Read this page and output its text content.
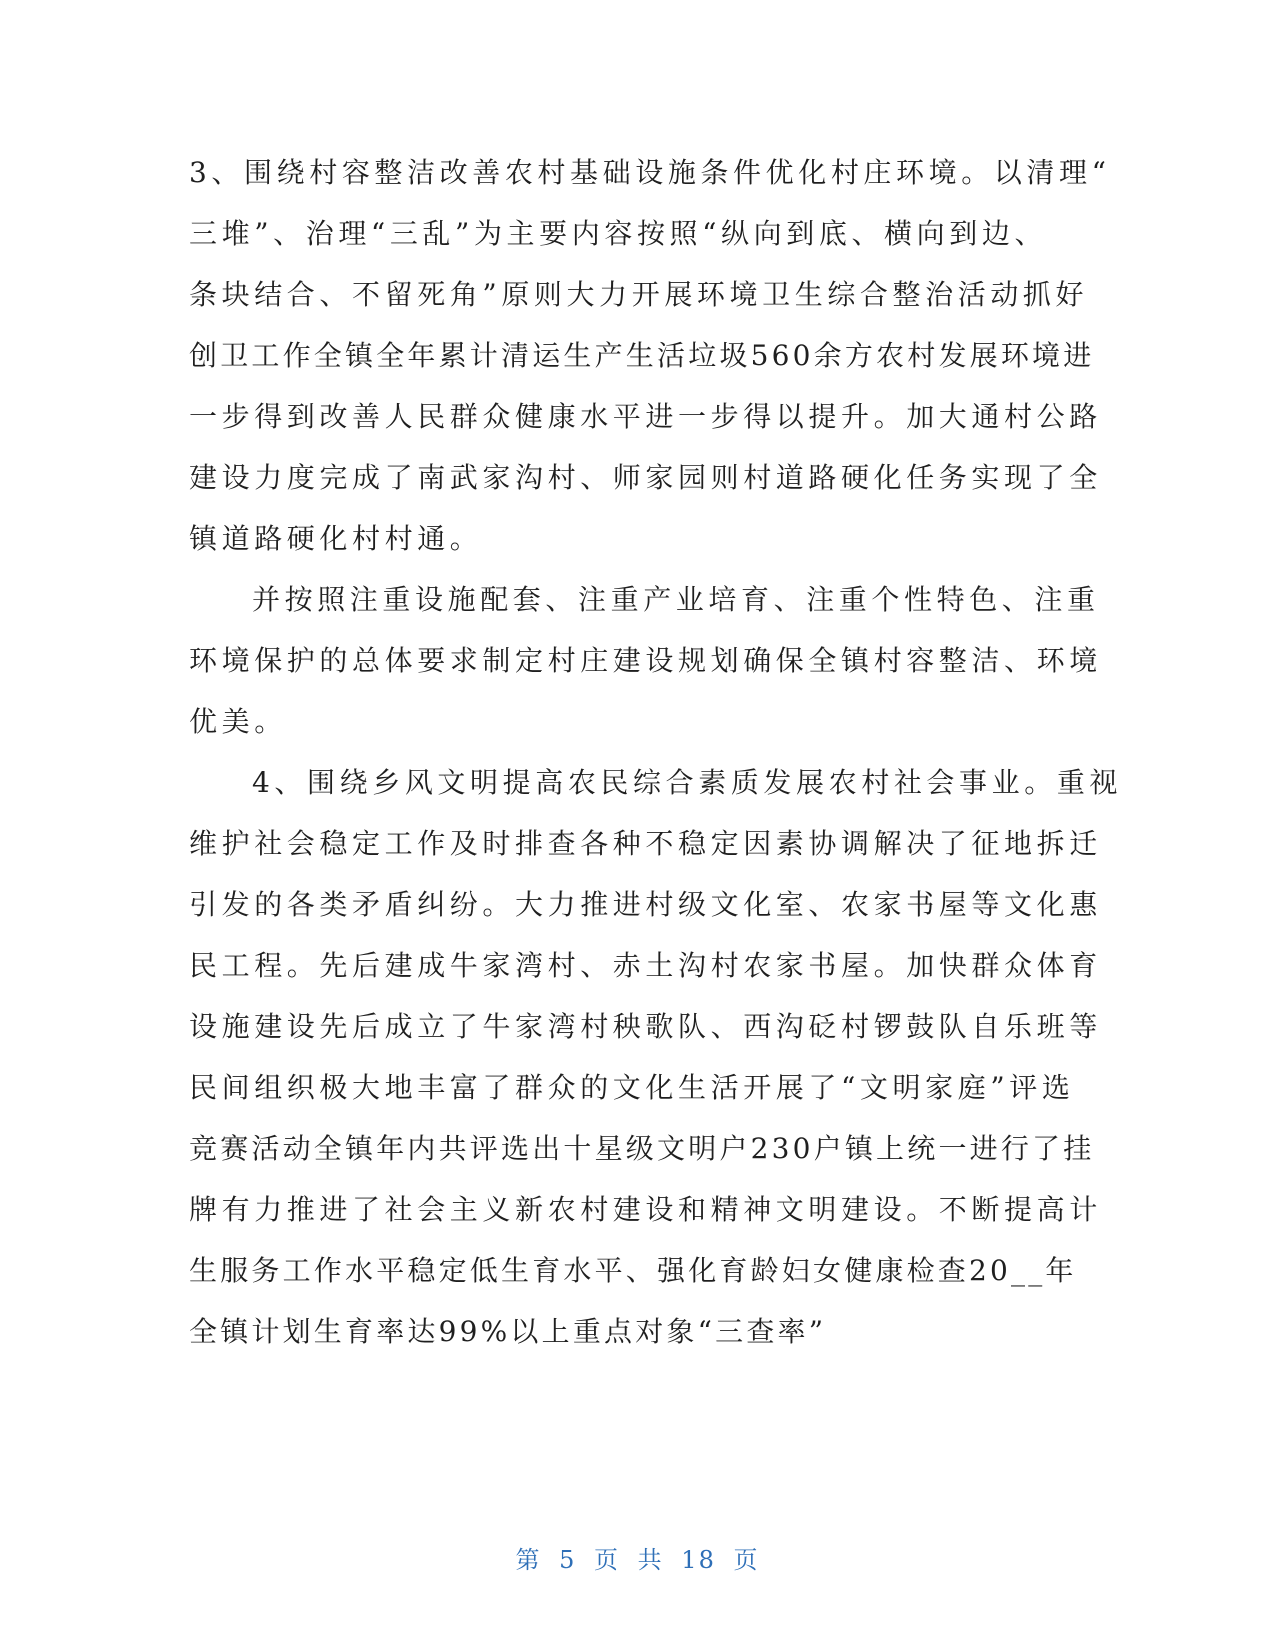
3、围绕村容整洁改善农村基础设施条件优化村庄环境。以清理“
三堆”、治理“三乱”为主要内容按照“纵向到底、横向到边、
条块结合、不留死角”原则大力开展环境卫生综合整治活动抓好
创卫工作全镇全年累计清运生产生活垃圾560余方农村发展环境进
一步得到改善人民群众健康水平进一步得以提升。加大通村公路
建设力度完成了南武家沟村、师家园则村道路硬化任务实现了全
镇道路硬化村村通。
并按照注重设施配套、注重产业培育、注重个性特色、注重
环境保护的总体要求制定村庄建设规划确保全镇村容整洁、环境
优美。
4、围绕乡风文明提高农民综合素质发展农村社会事业。重视
维护社会稳定工作及时排查各种不稳定因素协调解决了征地拆迁
引发的各类矛盾纠纷。大力推进村级文化室、农家书屋等文化惠
民工程。先后建成牛家湾村、赤土沟村农家书屋。加快群众体育
设施建设先后成立了牛家湾村秧歌队、西沟砭村锣鼓队自乐班等
民间组织极大地丰富了群众的文化生活开展了“文明家庭”评选
竞赛活动全镇年内共评选出十星级文明户230户镇上统一进行了挂
牌有力推进了社会主义新农村建设和精神文明建设。不断提高计
生服务工作水平稳定低生育水平、强化育龄妇女健康检查20__年
全镇计划生育率达99%以上重点对象“三查率”
第 5 页 共 18 页
